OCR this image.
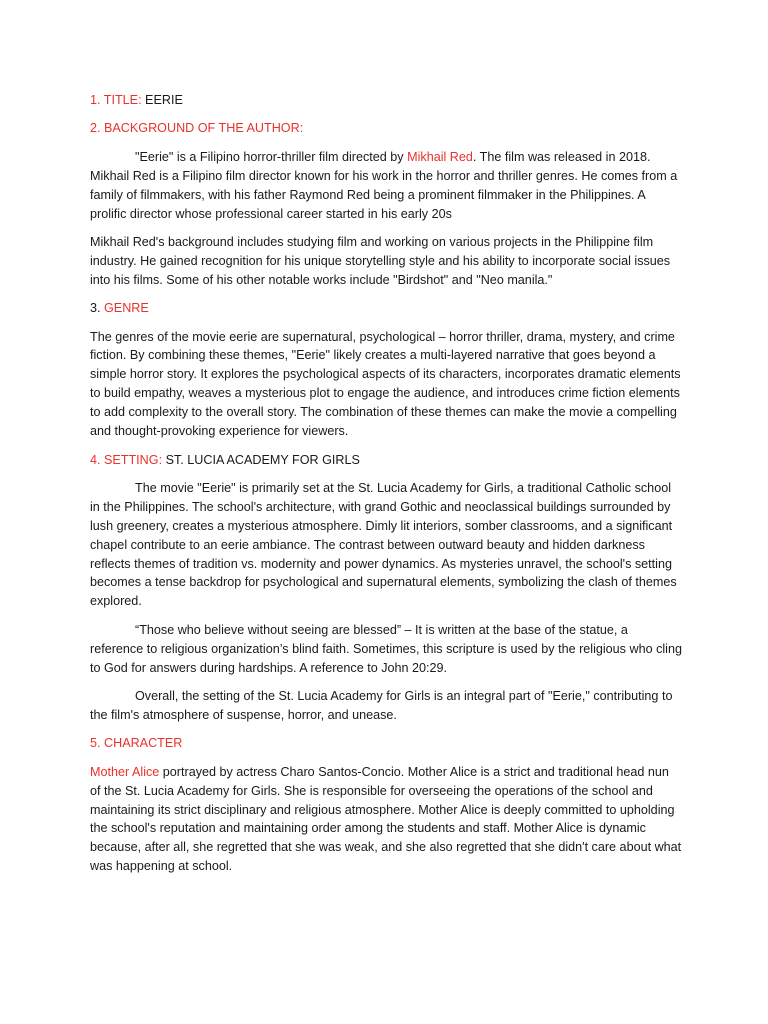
1. TITLE: EERIE

2. BACKGROUND OF THE AUTHOR:

"Eerie" is a Filipino horror-thriller film directed by Mikhail Red. The film was released in 2018. Mikhail Red is a Filipino film director known for his work in the horror and thriller genres. He comes from a family of filmmakers, with his father Raymond Red being a prominent filmmaker in the Philippines. A prolific director whose professional career started in his early 20s

Mikhail Red's background includes studying film and working on various projects in the Philippine film industry. He gained recognition for his unique storytelling style and his ability to incorporate social issues into his films. Some of his other notable works include "Birdshot" and "Neo manila."

3. GENRE

The genres of the movie eerie are supernatural, psychological – horror thriller, drama, mystery, and crime fiction. By combining these themes, "Eerie" likely creates a multi-layered narrative that goes beyond a simple horror story. It explores the psychological aspects of its characters, incorporates dramatic elements to build empathy, weaves a mysterious plot to engage the audience, and introduces crime fiction elements to add complexity to the overall story. The combination of these themes can make the movie a compelling and thought-provoking experience for viewers.

4. SETTING: ST. LUCIA ACADEMY FOR GIRLS

The movie "Eerie" is primarily set at the St. Lucia Academy for Girls, a traditional Catholic school in the Philippines. The school's architecture, with grand Gothic and neoclassical buildings surrounded by lush greenery, creates a mysterious atmosphere. Dimly lit interiors, somber classrooms, and a significant chapel contribute to an eerie ambiance. The contrast between outward beauty and hidden darkness reflects themes of tradition vs. modernity and power dynamics. As mysteries unravel, the school's setting becomes a tense backdrop for psychological and supernatural elements, symbolizing the clash of themes explored.

“Those who believe without seeing are blessed” – It is written at the base of the statue, a reference to religious organization’s blind faith. Sometimes, this scripture is used by the religious who cling to God for answers during hardships. A reference to John 20:29.

Overall, the setting of the St. Lucia Academy for Girls is an integral part of "Eerie," contributing to the film's atmosphere of suspense, horror, and unease.

5. CHARACTER

Mother Alice portrayed by actress Charo Santos-Concio. Mother Alice is a strict and traditional head nun of the St. Lucia Academy for Girls. She is responsible for overseeing the operations of the school and maintaining its strict disciplinary and religious atmosphere. Mother Alice is deeply committed to upholding the school's reputation and maintaining order among the students and staff. Mother Alice is dynamic because, after all, she regretted that she was weak, and she also regretted that she didn't care about what was happening at school.
